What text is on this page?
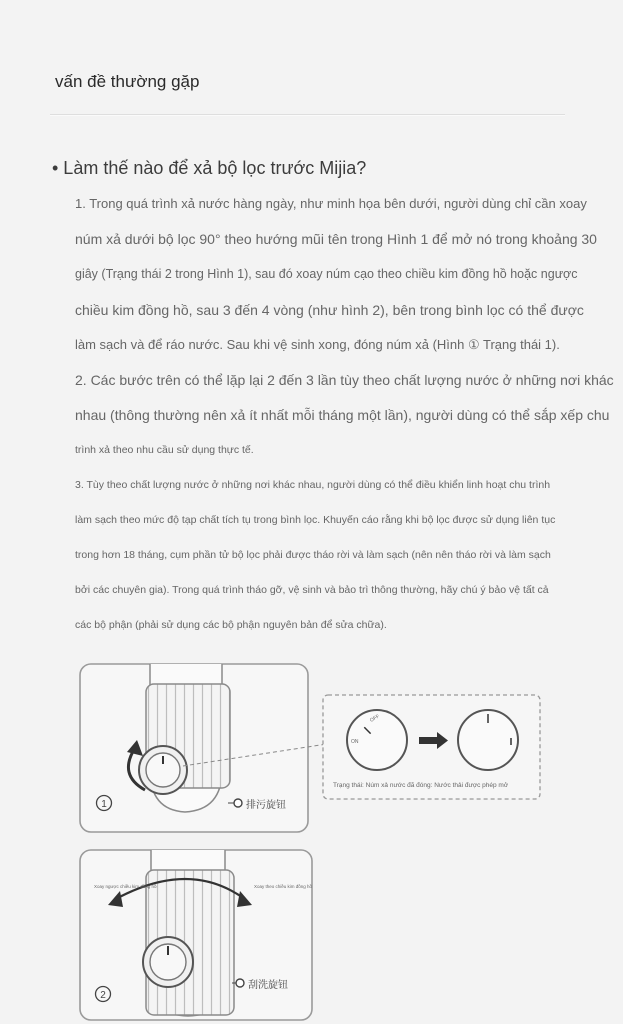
vấn đề thường gặp
• Làm thế nào để xả bộ lọc trước Mijia?
1. Trong quá trình xả nước hàng ngày, như minh họa bên dưới, người dùng chỉ cần xoay
núm xả dưới bộ lọc 90° theo hướng mũi tên trong Hình 1 để mở nó trong khoảng 30
giây (Trạng thái 2 trong Hình 1), sau đó xoay núm cạo theo chiều kim đồng hồ hoặc ngược
chiều kim đồng hồ, sau 3 đến 4 vòng (như hình 2), bên trong bình lọc có thể được
làm sạch và để ráo nước. Sau khi vệ sinh xong, đóng núm xả (Hình ① Trạng thái 1).
2. Các bước trên có thể lặp lại 2 đến 3 lần tùy theo chất lượng nước ở những nơi khác
nhau (thông thường nên xả ít nhất mỗi tháng một lần), người dùng có thể sắp xếp chu
trình xả theo nhu cầu sử dụng thực tế.
3. Tùy theo chất lượng nước ở những nơi khác nhau, người dùng có thể điều khiển linh hoạt chu trình
làm sạch theo mức độ tạp chất tích tụ trong bình lọc. Khuyến cáo rằng khi bộ lọc được sử dụng liên tục
trong hơn 18 tháng, cụm phần tử bộ lọc phải được tháo rời và làm sạch (nên nên tháo rời và làm sạch
bởi các chuyên gia). Trong quá trình tháo gỡ, vệ sinh và bảo trì thông thường, hãy chú ý bảo vệ tất cả
các bộ phận (phải sử dụng các bộ phận nguyên bản để sửa chữa).
排污旋钮
1
ON
OFF
Trạng thái: Núm xả nước đã đóng: Nước thải được phép mở
Xoay ngược chiều kim đồng hồ	Xoay theo chiều kim đồng hồ
刮洗旋钮
2
